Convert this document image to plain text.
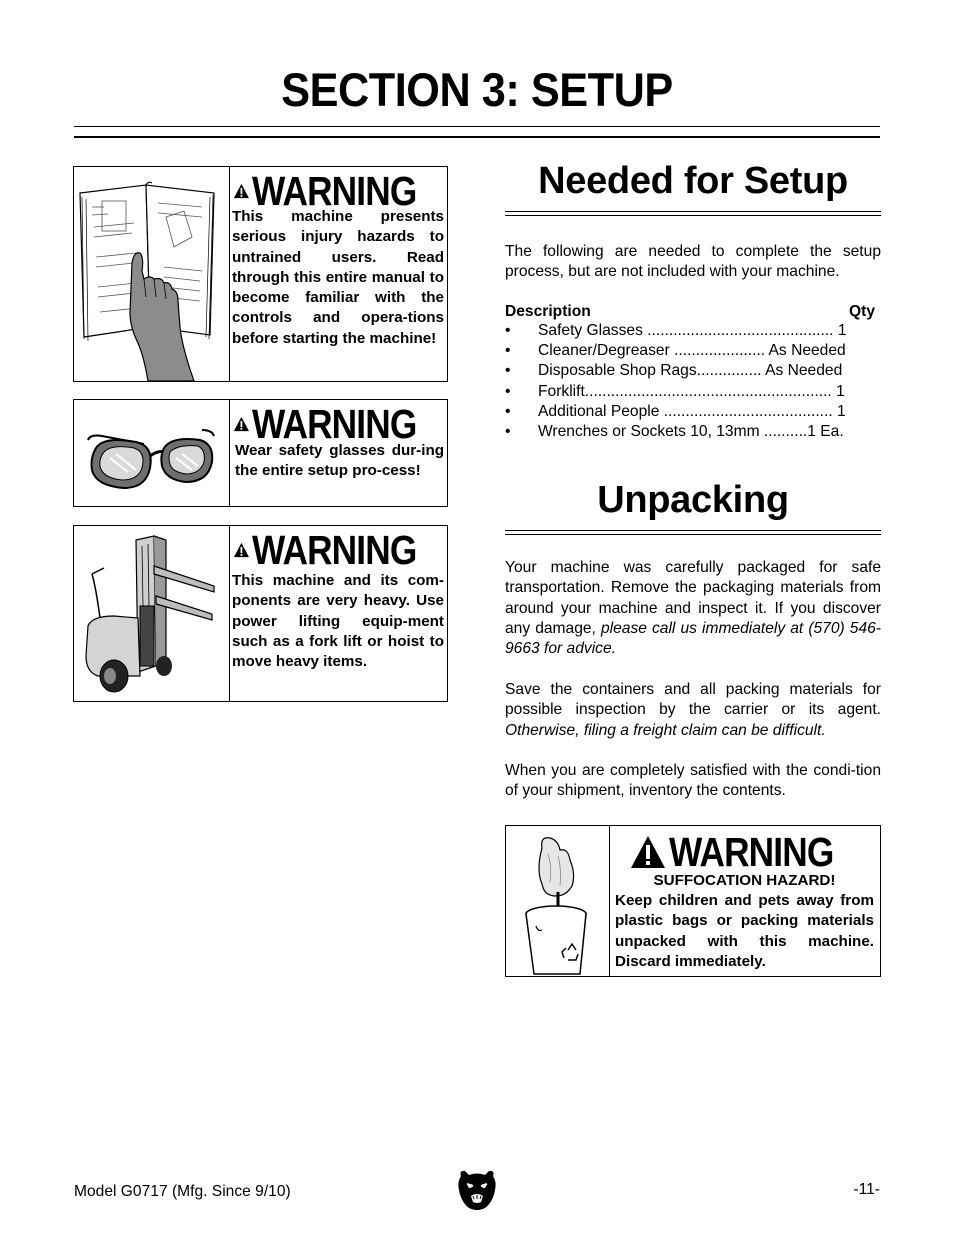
SECTION 3: SETUP
WARNING
This machine presents serious injury hazards to untrained users. Read through this entire manual to become familiar with the controls and opera-tions before starting the machine!
WARNING
Wear safety glasses dur-ing the entire setup pro-cess!
WARNING
This machine and its com-ponents are very heavy. Use power lifting equip-ment such as a fork lift or hoist to move heavy items.
Needed for Setup
The following are needed to complete the setup process, but are not included with your machine.
Description	Qty
•	Safety Glasses ........................................... 1
•	Cleaner/Degreaser ..................... As Needed
•	Disposable Shop Rags............... As Needed
•	Forklift......................................................... 1
•	Additional People ....................................... 1
•	Wrenches or Sockets 10, 13mm ..........1 Ea.
Unpacking
Your machine was carefully packaged for safe transportation. Remove the packaging materials from around your machine and inspect it. If you discover any damage, please call us immediately at (570) 546-9663 for advice.
Save the containers and all packing materials for possible inspection by the carrier or its agent. Otherwise, filing a freight claim can be difficult.
When you are completely satisfied with the condi-tion of your shipment, inventory the contents.
WARNING
SUFFOCATION HAZARD!
Keep children and pets away from plastic bags or packing materials unpacked with this machine. Discard immediately.
Model G0717 (Mfg. Since 9/10)	-11-
